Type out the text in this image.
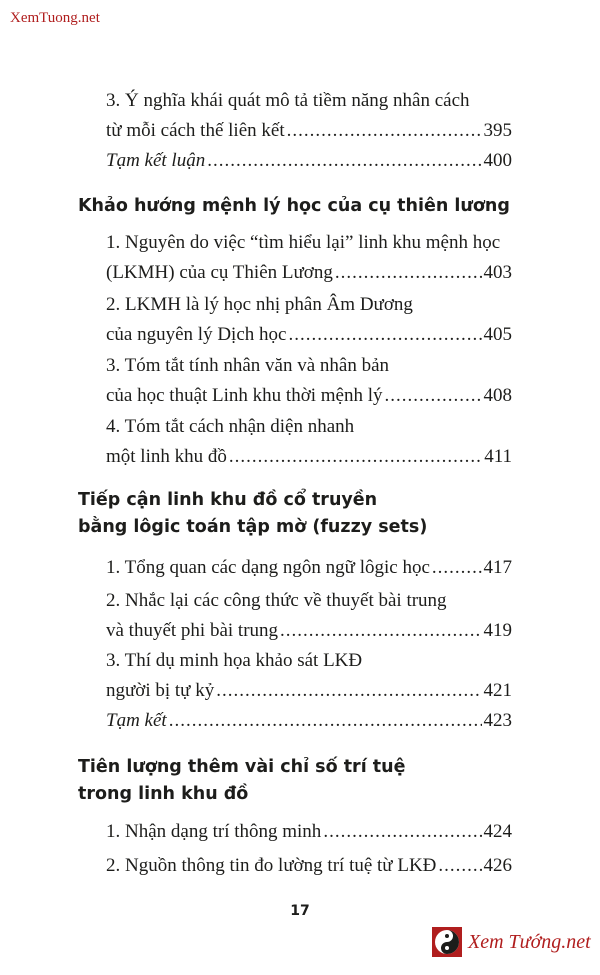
XemTuong.net
3. Ý nghĩa khái quát mô tả tiềm năng nhân cách
từ mỗi cách thế liên kết .....	395
Tạm kết luận .....	400
Khảo hướng mệnh lý học của cụ thiên lương
1. Nguyên do việc “tìm hiểu lại” linh khu mệnh học
(LKMH) của cụ Thiên Lương .....	403
2. LKMH là lý học nhị phân Âm Dương
của nguyên lý Dịch học .....	405
3. Tóm tắt tính nhân văn và nhân bản
của học thuật Linh khu thời mệnh lý .....	408
4. Tóm tắt cách nhận diện nhanh
một linh khu đồ .....	411
Tiếp cận linh khu đồ cổ truyền
bằng lôgic toán tập mờ (fuzzy sets)
1. Tổng quan các dạng ngôn ngữ lôgic học .....	417
2. Nhắc lại các công thức về thuyết bài trung
và thuyết phi bài trung .....	419
3. Thí dụ minh họa khảo sát LKĐ
người bị tự kỷ .....	421
Tạm kết .....	423
Tiên lượng thêm vài chỉ số trí tuệ
trong linh khu đồ
1. Nhận dạng trí thông minh .....	424
2. Nguồn thông tin đo lường trí tuệ từ LKĐ ..... 426
17
Xem Tướng.net
